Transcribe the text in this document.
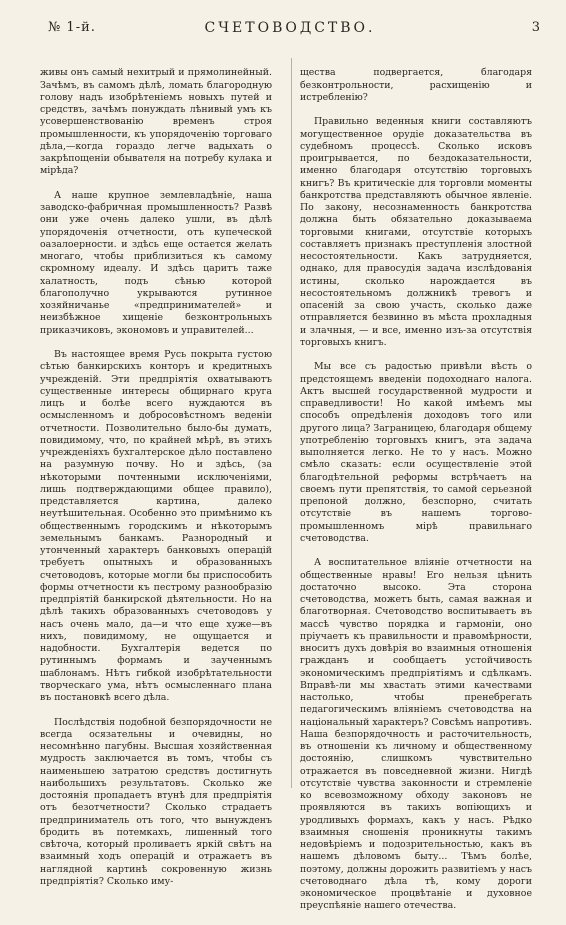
№ 1-й.	СЧЕТОВОДСТВО.	3

живы онъ самый нехитрый и прямолинейный. Зачѣмъ, въ самомъ дѣлѣ, ломать благородную голову надъ изобрѣтеніемъ новыхъ путей и средствъ, зачѣмъ понуждать лѣнивый умъ къ усовершенствованію временъ строя промышленности, къ упорядоченію торговаго дѣла,—когда гораздо легче вадыхать о закрѣпощеніи обывателя на потребу кулака и мірѣда?

А наше крупное землевладѣніе, наша заводско-фабричная промышленность? Развѣ они уже очень далеко ушли, въ дѣлѣ упорядоченія отчетности, отъ купеческой оазалоерности. и здѣсь еще остается желать многаго, чтобы приблизиться къ самому скромному идеалу. И здѣсь царитъ таже халатность, подъ сѣнью которой благополучно укрываются рутинное хозяйничанье «предпринимателей» и неизбѣжное хищеніе безконтрольныхъ приказчиковъ, экономовъ и управителей...

Въ настоящее время Русь покрыта густою сѣтью банкирскихъ конторъ и кредитныхъ учрежденій. Эти предпріятія охватываютъ существенные интересы общирнаго круга лицъ и болѣе всего нуждаются въ осмысленномъ и добросовѣстномъ веденіи отчетности. Позволительно было-бы думать, повидимому, что, по крайней мѣрѣ, въ этихъ учрежденіяхъ бухгалтерское дѣло поставлено на разумную почву. Но и здѣсь, (за нѣкоторыми почтенными исключеніями, лишь подтверждающими общее правило), представляется картина, далеко неутѣшительная. Особенно это примѣнимо къ общественнымъ городскимъ и нѣкоторымъ земельнымъ банкамъ. Разнородный и утонченный характеръ банковыхъ операцій требуетъ опытныхъ и образованныхъ счетоводовъ, которые могли бы приспособить формы отчетности къ пестрому разнообразію предпріятій банкирской дѣятельности. Но на дѣлѣ такихъ образованныхъ счетоводовъ у насъ очень мало, да—и что еще хуже—въ нихъ, повидимому, не ощущается и надобности. Бухгалтерія ведется по рутиннымъ формамъ и заученнымъ шаблонамъ. Нѣтъ гибкой изобрѣтательности творческаго ума, нѣтъ осмысленнаго плана въ постановкѣ всего дѣла.

Послѣдствія подобной безпорядочности не всегда осязательны и очевидны, но несомнѣнно пагубны. Высшая хозяйственная мудрость заключается въ томъ, чтобы съ наименьшею затратою средствъ достигнуть наибольшихъ результатовъ. Сколько же достоянія пропадаетъ втунѣ для предпріятія отъ безотчетности? Сколько страдаетъ предприниматель отъ того, что вынужденъ бродить въ потемкахъ, лишенный того свѣточа, который проливаетъ яркій свѣтъ на взаимный ходъ операцій и отражаетъ въ наглядной картинѣ сокровенную жизнь предпріятія? Сколько иму-

щества подвергается, благодаря безконтрольности, расхищенію и истребленію?

Правильно веденныя книги составляютъ могущественное орудіе доказательства въ судебномъ процессѣ. Сколько исковъ проигрывается, по бездоказательности, именно благодаря отсутствію торговыхъ книгъ? Въ критическіе для торговли моменты банкротства представляютъ обычное явленіе. По закону, несознаменность банкротства должна быть обязательно доказываема торговыми книгами, отсутствіе которыхъ составляетъ признакъ преступленія злостной несостоятельности. Какъ затрудняется, однако, для правосудія задача изслѣдованія истины, сколько нарождается въ несостоятельномъ должникѣ тревогъ и опасеній за свою участь, сколько даже отправляется безвинно въ мѣста прохладныя и злачныя, — и все, именно изъ-за отсутствія торговыхъ книгъ.

Мы все съ радостью привѣли вѣсть о предстоящемъ введеніи подоходнаго налога. Актъ высшей государственной мудрости и справедливости! Но какой имѣемъ мы способъ опредѣленія доходовъ того или другого лица? Заграницею, благодаря общему употребленію торговыхъ книгъ, эта задача выполняется легко. Не то у насъ. Можно смѣло сказать: если осуществленіе этой благодѣтельной реформы встрѣчаетъ на своемъ пути препятствія, то самой серьезной препоной должно, безспорно, считать отсутствіе въ нашемъ торгово-промышленномъ мірѣ правильнаго счетоводства.

А воспитательное вліяніе отчетности на общественные нравы! Его нельзя цѣнить достаточно высоко. Эта сторона счетоводства, можетъ быть, самая важная и благотворная. Счетоводство воспитываетъ въ массѣ чувство порядка и гармоніи, оно пріучаетъ къ правильности и правомѣрности, вноситъ духъ довѣрія во взаимныя отношенія гражданъ и сообщаетъ устойчивость экономическимъ предпріятіямъ и сдѣлкамъ. Вправѣ-ли мы хвастать этими качествами настолько, чтобы пренебрегать педагогическимъ вліяніемъ счетоводства на національный характеръ? Совсѣмъ напротивъ. Наша безпорядочность и расточительность, въ отношеніи къ личному и общественному достоянію, слишкомъ чувствительно отражается въ повседневной жизни. Нигдѣ отсутствіе чувства законности и стремленіе ко всевозможному обходу законовъ не проявляются въ такихъ вопіющихъ и уродливыхъ формахъ, какъ у насъ. Рѣдко взаимныя сношенія проникнуты такимъ недовѣріемъ и подозрительностью, какъ въ нашемъ дѣловомъ быту... Тѣмъ болѣе, поэтому, должны дорожить развитіемъ у насъ счетоводнаго дѣла тѣ, кому дороги экономическое процвѣтаніе и духовное преуспѣяніе нашего отечества.
